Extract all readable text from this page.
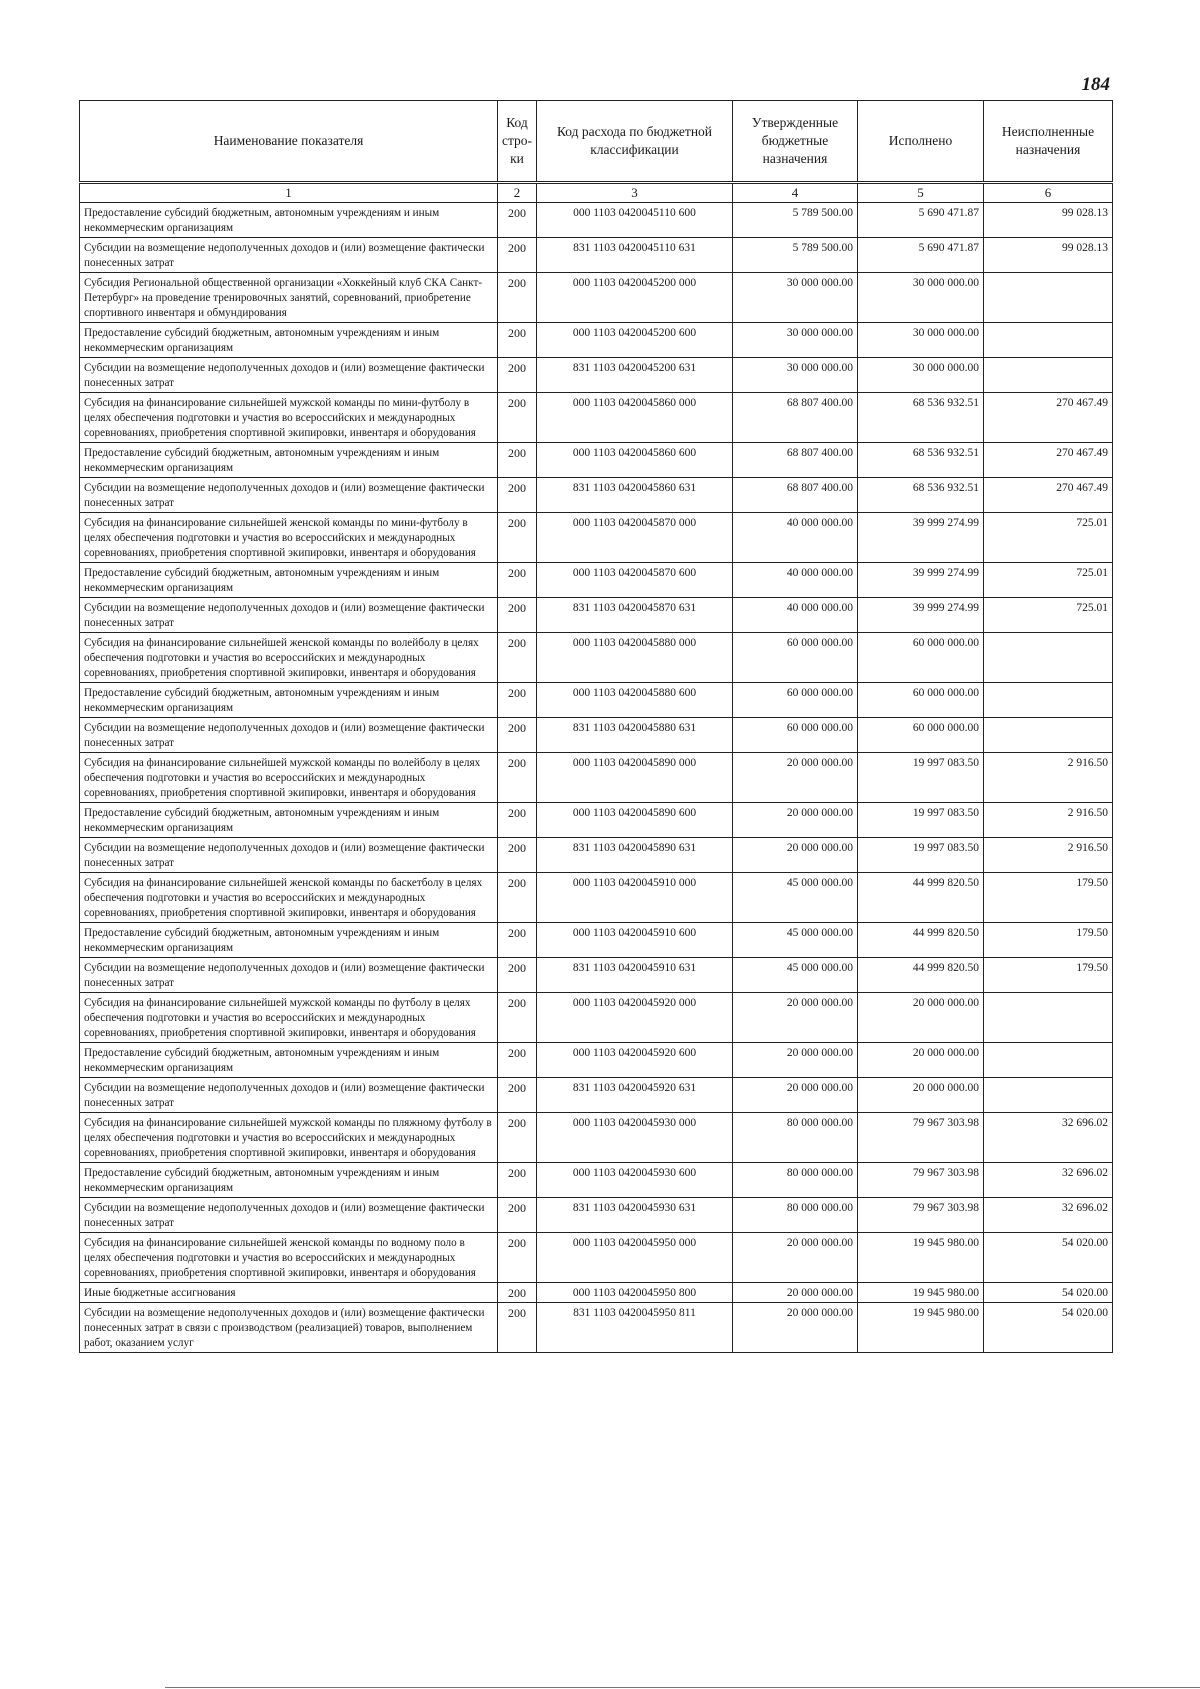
184
Наименование показателя	Код стро-ки	Код расхода по бюджетной классификации	Утвержденные бюджетные назначения	Исполнено	Неисполненные назначения
1	2	3	4	5	6
Предоставление субсидий бюджетным, автономным учреждениям и иным некоммерческим организациям	200	000 1103 0420045110 600	5 789 500.00	5 690 471.87	99 028.13
Субсидии на возмещение недополученных доходов и (или) возмещение фактически понесенных затрат	200	831 1103 0420045110 631	5 789 500.00	5 690 471.87	99 028.13
Субсидия Региональной общественной организации «Хоккейный клуб СКА Санкт-Петербург» на проведение тренировочных занятий, соревнований, приобретение спортивного инвентаря и обмундирования	200	000 1103 0420045200 000	30 000 000.00	30 000 000.00	
Предоставление субсидий бюджетным, автономным учреждениям и иным некоммерческим организациям	200	000 1103 0420045200 600	30 000 000.00	30 000 000.00	
Субсидии на возмещение недополученных доходов и (или) возмещение фактически понесенных затрат	200	831 1103 0420045200 631	30 000 000.00	30 000 000.00	
Субсидия на финансирование сильнейшей мужской команды по мини-футболу в целях обеспечения подготовки и участия во всероссийских и международных соревнованиях, приобретения спортивной экипировки, инвентаря и оборудования	200	000 1103 0420045860 000	68 807 400.00	68 536 932.51	270 467.49
Предоставление субсидий бюджетным, автономным учреждениям и иным некоммерческим организациям	200	000 1103 0420045860 600	68 807 400.00	68 536 932.51	270 467.49
Субсидии на возмещение недополученных доходов и (или) возмещение фактически понесенных затрат	200	831 1103 0420045860 631	68 807 400.00	68 536 932.51	270 467.49
Субсидия на финансирование сильнейшей женской команды по мини-футболу в целях обеспечения подготовки и участия во всероссийских и международных соревнованиях, приобретения спортивной экипировки, инвентаря и оборудования	200	000 1103 0420045870 000	40 000 000.00	39 999 274.99	725.01
Предоставление субсидий бюджетным, автономным учреждениям и иным некоммерческим организациям	200	000 1103 0420045870 600	40 000 000.00	39 999 274.99	725.01
Субсидии на возмещение недополученных доходов и (или) возмещение фактически понесенных затрат	200	831 1103 0420045870 631	40 000 000.00	39 999 274.99	725.01
Субсидия на финансирование сильнейшей женской команды по волейболу в целях обеспечения подготовки и участия во всероссийских и международных соревнованиях, приобретения спортивной экипировки, инвентаря и оборудования	200	000 1103 0420045880 000	60 000 000.00	60 000 000.00	
Предоставление субсидий бюджетным, автономным учреждениям и иным некоммерческим организациям	200	000 1103 0420045880 600	60 000 000.00	60 000 000.00	
Субсидии на возмещение недополученных доходов и (или) возмещение фактически понесенных затрат	200	831 1103 0420045880 631	60 000 000.00	60 000 000.00	
Субсидия на финансирование сильнейшей мужской команды по волейболу в целях обеспечения подготовки и участия во всероссийских и международных соревнованиях, приобретения спортивной экипировки, инвентаря и оборудования	200	000 1103 0420045890 000	20 000 000.00	19 997 083.50	2 916.50
Предоставление субсидий бюджетным, автономным учреждениям и иным некоммерческим организациям	200	000 1103 0420045890 600	20 000 000.00	19 997 083.50	2 916.50
Субсидии на возмещение недополученных доходов и (или) возмещение фактически понесенных затрат	200	831 1103 0420045890 631	20 000 000.00	19 997 083.50	2 916.50
Субсидия на финансирование сильнейшей женской команды по баскетболу в целях обеспечения подготовки и участия во всероссийских и международных соревнованиях, приобретения спортивной экипировки, инвентаря и оборудования	200	000 1103 0420045910 000	45 000 000.00	44 999 820.50	179.50
Предоставление субсидий бюджетным, автономным учреждениям и иным некоммерческим организациям	200	000 1103 0420045910 600	45 000 000.00	44 999 820.50	179.50
Субсидии на возмещение недополученных доходов и (или) возмещение фактически понесенных затрат	200	831 1103 0420045910 631	45 000 000.00	44 999 820.50	179.50
Субсидия на финансирование сильнейшей мужской команды по футболу в целях обеспечения подготовки и участия во всероссийских и международных соревнованиях, приобретения спортивной экипировки, инвентаря и оборудования	200	000 1103 0420045920 000	20 000 000.00	20 000 000.00	
Предоставление субсидий бюджетным, автономным учреждениям и иным некоммерческим организациям	200	000 1103 0420045920 600	20 000 000.00	20 000 000.00	
Субсидии на возмещение недополученных доходов и (или) возмещение фактически понесенных затрат	200	831 1103 0420045920 631	20 000 000.00	20 000 000.00	
Субсидия на финансирование сильнейшей мужской команды по пляжному футболу в целях обеспечения подготовки и участия во всероссийских и международных соревнованиях, приобретения спортивной экипировки, инвентаря и оборудования	200	000 1103 0420045930 000	80 000 000.00	79 967 303.98	32 696.02
Предоставление субсидий бюджетным, автономным учреждениям и иным некоммерческим организациям	200	000 1103 0420045930 600	80 000 000.00	79 967 303.98	32 696.02
Субсидии на возмещение недополученных доходов и (или) возмещение фактически понесенных затрат	200	831 1103 0420045930 631	80 000 000.00	79 967 303.98	32 696.02
Субсидия на финансирование сильнейшей женской команды по водному поло в целях обеспечения подготовки и участия во всероссийских и международных соревнованиях, приобретения спортивной экипировки, инвентаря и оборудования	200	000 1103 0420045950 000	20 000 000.00	19 945 980.00	54 020.00
Иные бюджетные ассигнования	200	000 1103 0420045950 800	20 000 000.00	19 945 980.00	54 020.00
Субсидии на возмещение недополученных доходов и (или) возмещение фактически понесенных затрат в связи с производством (реализацией) товаров, выполнением работ, оказанием услуг	200	831 1103 0420045950 811	20 000 000.00	19 945 980.00	54 020.00
